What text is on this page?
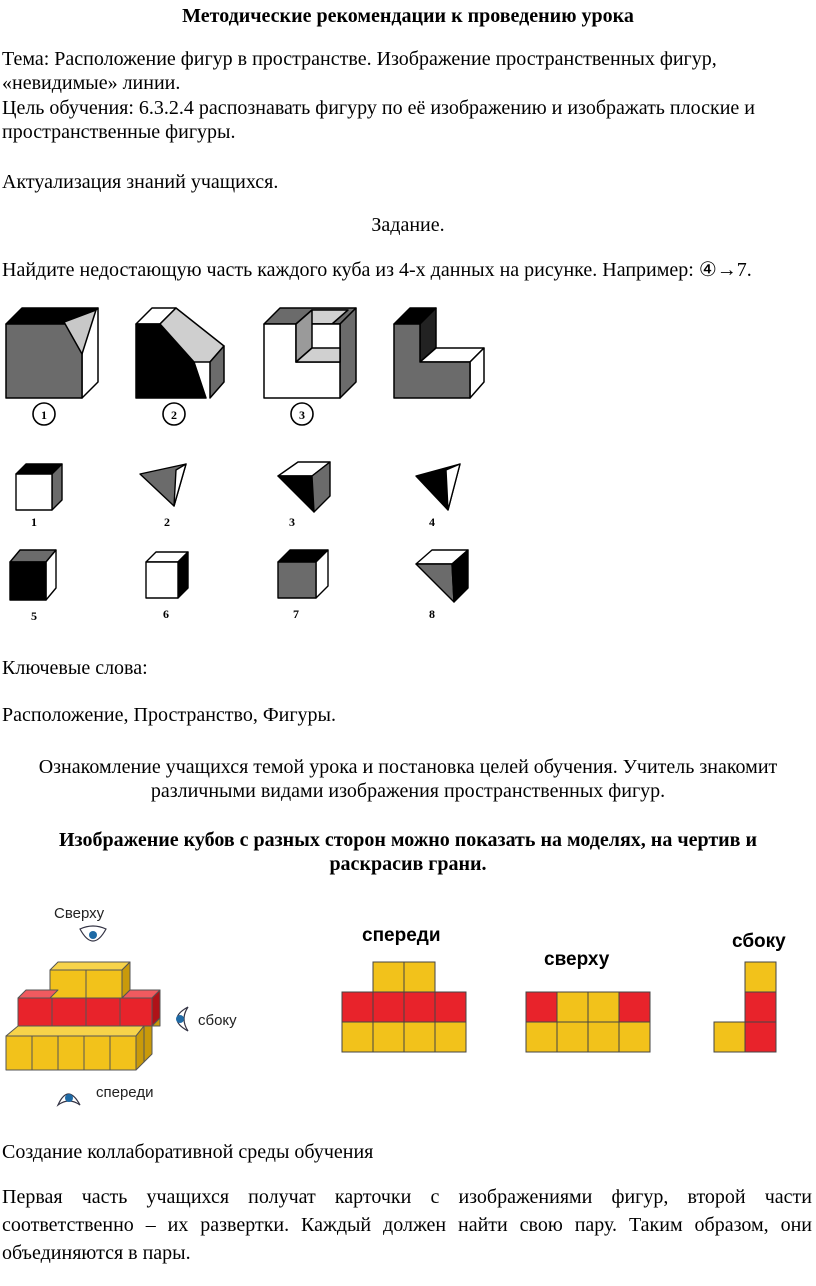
Методические рекомендации к проведению урока
Тема: Расположение фигур в пространстве. Изображение пространственных фигур,
«невидимые» линии.
Цель обучения: 6.3.2.4 распознавать фигуру по её изображению и изображать плоские и
пространственные фигуры.
Актуализация знаний учащихся.
Задание.
Найдите недостающую часть каждого куба из 4-х данных на рисунке. Например: ④→7.
1	2	3
1	2	3	4
5	6	7	8
Ключевые слова:
Расположение, Пространство, Фигуры.
Ознакомление учащихся темой урока и постановка целей обучения. Учитель знакомит
различными видами изображения пространственных фигур.
Изображение кубов с разных сторон можно показать на моделях, на чертив и
раскрасив грани.
Сверху
сбоку
спереди
спереди
сверху
сбоку
Создание коллаборативной среды обучения
Первая часть учащихся получат карточки с изображениями фигур, второй части соответственно – их развертки. Каждый должен найти свою пару. Таким образом, они объединяются в пары.
